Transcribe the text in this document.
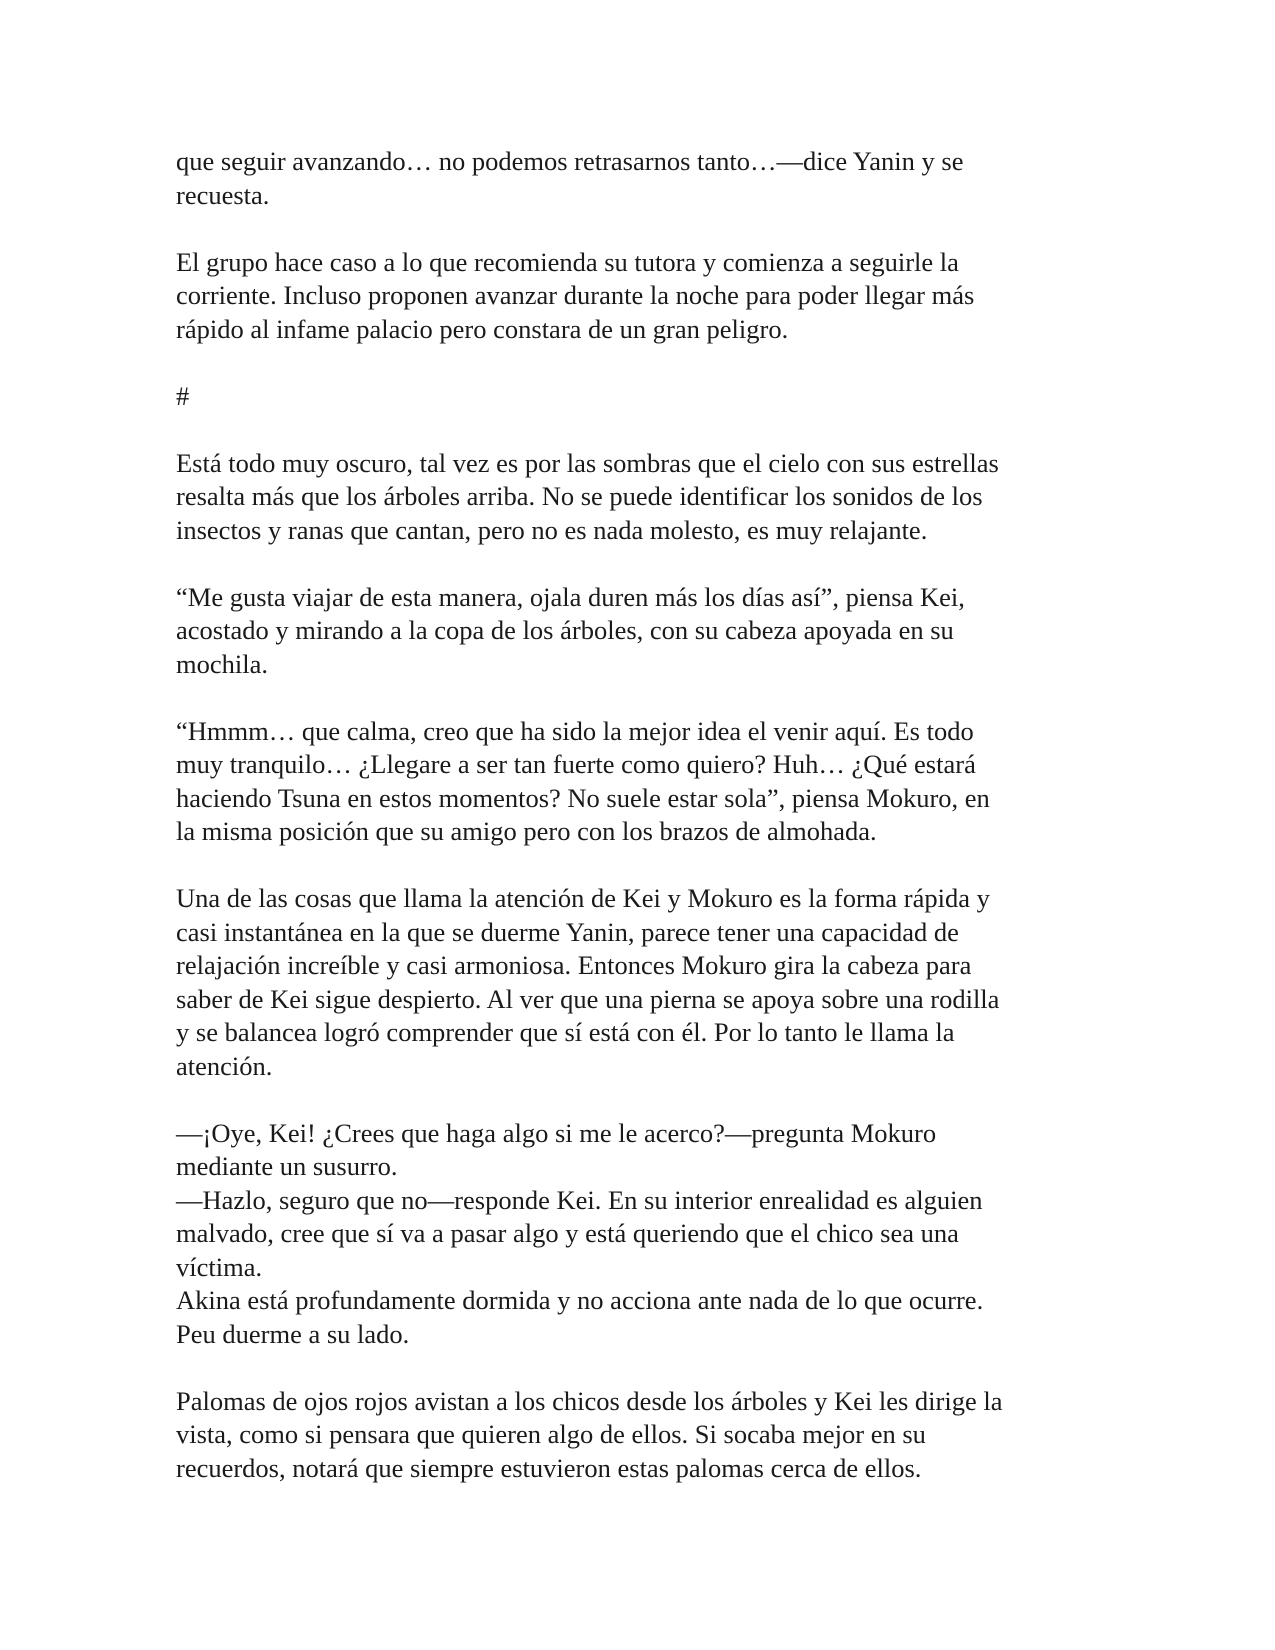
que seguir avanzando… no podemos retrasarnos tanto…—dice Yanin y se

recuesta.

El grupo hace caso a lo que recomienda su tutora y comienza a seguirle la

corriente. Incluso proponen avanzar durante la noche para poder llegar más

rápido al infame palacio pero constara de un gran peligro.

#

Está todo muy oscuro, tal vez es por las sombras que el cielo con sus estrellas

resalta más que los árboles arriba. No se puede identificar los sonidos de los

insectos y ranas que cantan, pero no es nada molesto, es muy relajante.

“Me gusta viajar de esta manera, ojala duren más los días así”, piensa Kei,

acostado y mirando a la copa de los árboles, con su cabeza apoyada en su

mochila.

“Hmmm… que calma, creo que ha sido la mejor idea el venir aquí. Es todo

muy tranquilo… ¿Llegare a ser tan fuerte como quiero? Huh… ¿Qué estará

haciendo Tsuna en estos momentos? No suele estar sola”, piensa Mokuro, en

la misma posición que su amigo pero con los brazos de almohada.

Una de las cosas que llama la atención de Kei y Mokuro es la forma rápida y

casi instantánea en la que se duerme Yanin, parece tener una capacidad de

relajación increíble y casi armoniosa. Entonces Mokuro gira la cabeza para

saber de Kei sigue despierto. Al ver que una pierna se apoya sobre una rodilla

y se balancea logró comprender que sí está con él. Por lo tanto le llama la

atención.

—¡Oye, Kei! ¿Crees que haga algo si me le acerco?—pregunta Mokuro

mediante un susurro.

—Hazlo, seguro que no—responde Kei. En su interior enrealidad es alguien

malvado, cree que sí va a pasar algo y está queriendo que el chico sea una

víctima.

Akina está profundamente dormida y no acciona ante nada de lo que ocurre.

Peu duerme a su lado.

Palomas de ojos rojos avistan a los chicos desde los árboles y Kei les dirige la

vista, como si pensara que quieren algo de ellos. Si socaba mejor en su

recuerdos, notará que siempre estuvieron estas palomas cerca de ellos.
